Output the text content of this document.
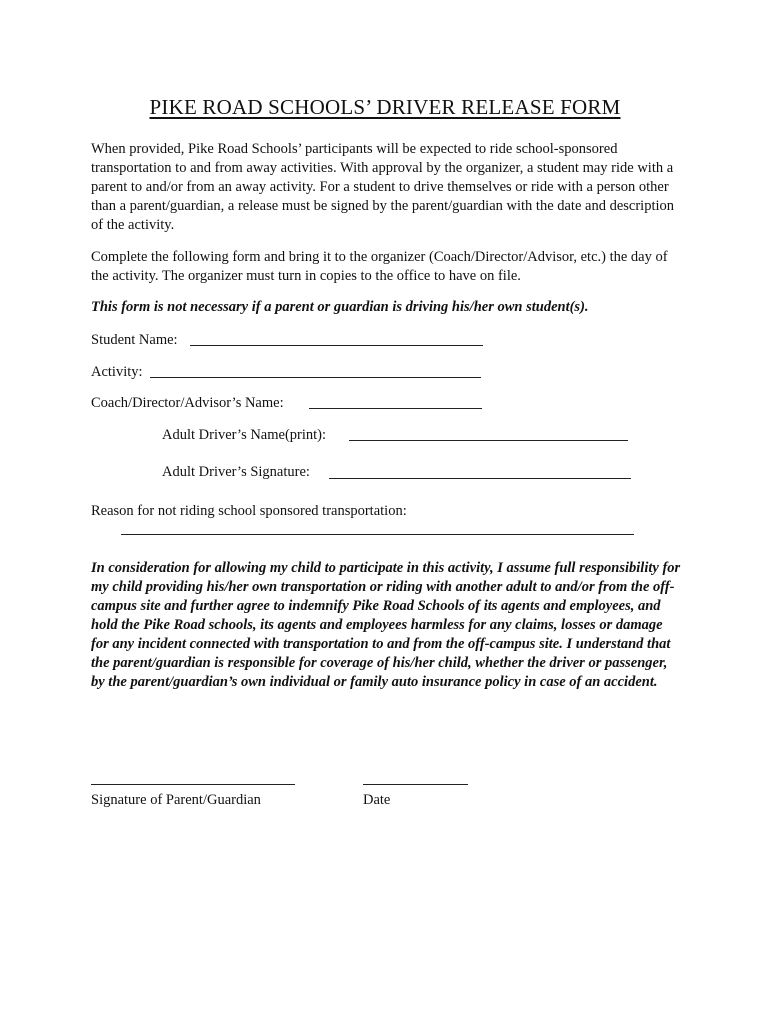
PIKE ROAD SCHOOLS’ DRIVER RELEASE FORM
When provided, Pike Road Schools’ participants will be expected to ride school-sponsored transportation to and from away activities. With approval by the organizer, a student may ride with a parent to and/or from an away activity. For a student to drive themselves or ride with a person other than a parent/guardian, a release must be signed by the parent/guardian with the date and description of the activity.
Complete the following form and bring it to the organizer (Coach/Director/Advisor, etc.) the day of the activity. The organizer must turn in copies to the office to have on file.
This form is not necessary if a parent or guardian is driving his/her own student(s).
Student Name:
Activity:
Coach/Director/Advisor’s Name:
Adult Driver’s Name(print):
Adult Driver’s Signature:
Reason for not riding school sponsored transportation:
In consideration for allowing my child to participate in this activity, I assume full responsibility for my child providing his/her own transportation or riding with another adult to and/or from the off-campus site and further agree to indemnify Pike Road Schools of its agents and employees, and hold the Pike Road schools, its agents and employees harmless for any claims, losses or damage for any incident connected with transportation to and from the off-campus site. I understand that the parent/guardian is responsible for coverage of his/her child, whether the driver or passenger, by the parent/guardian’s own individual or family auto insurance policy in case of an accident.
Signature of Parent/Guardian	Date
